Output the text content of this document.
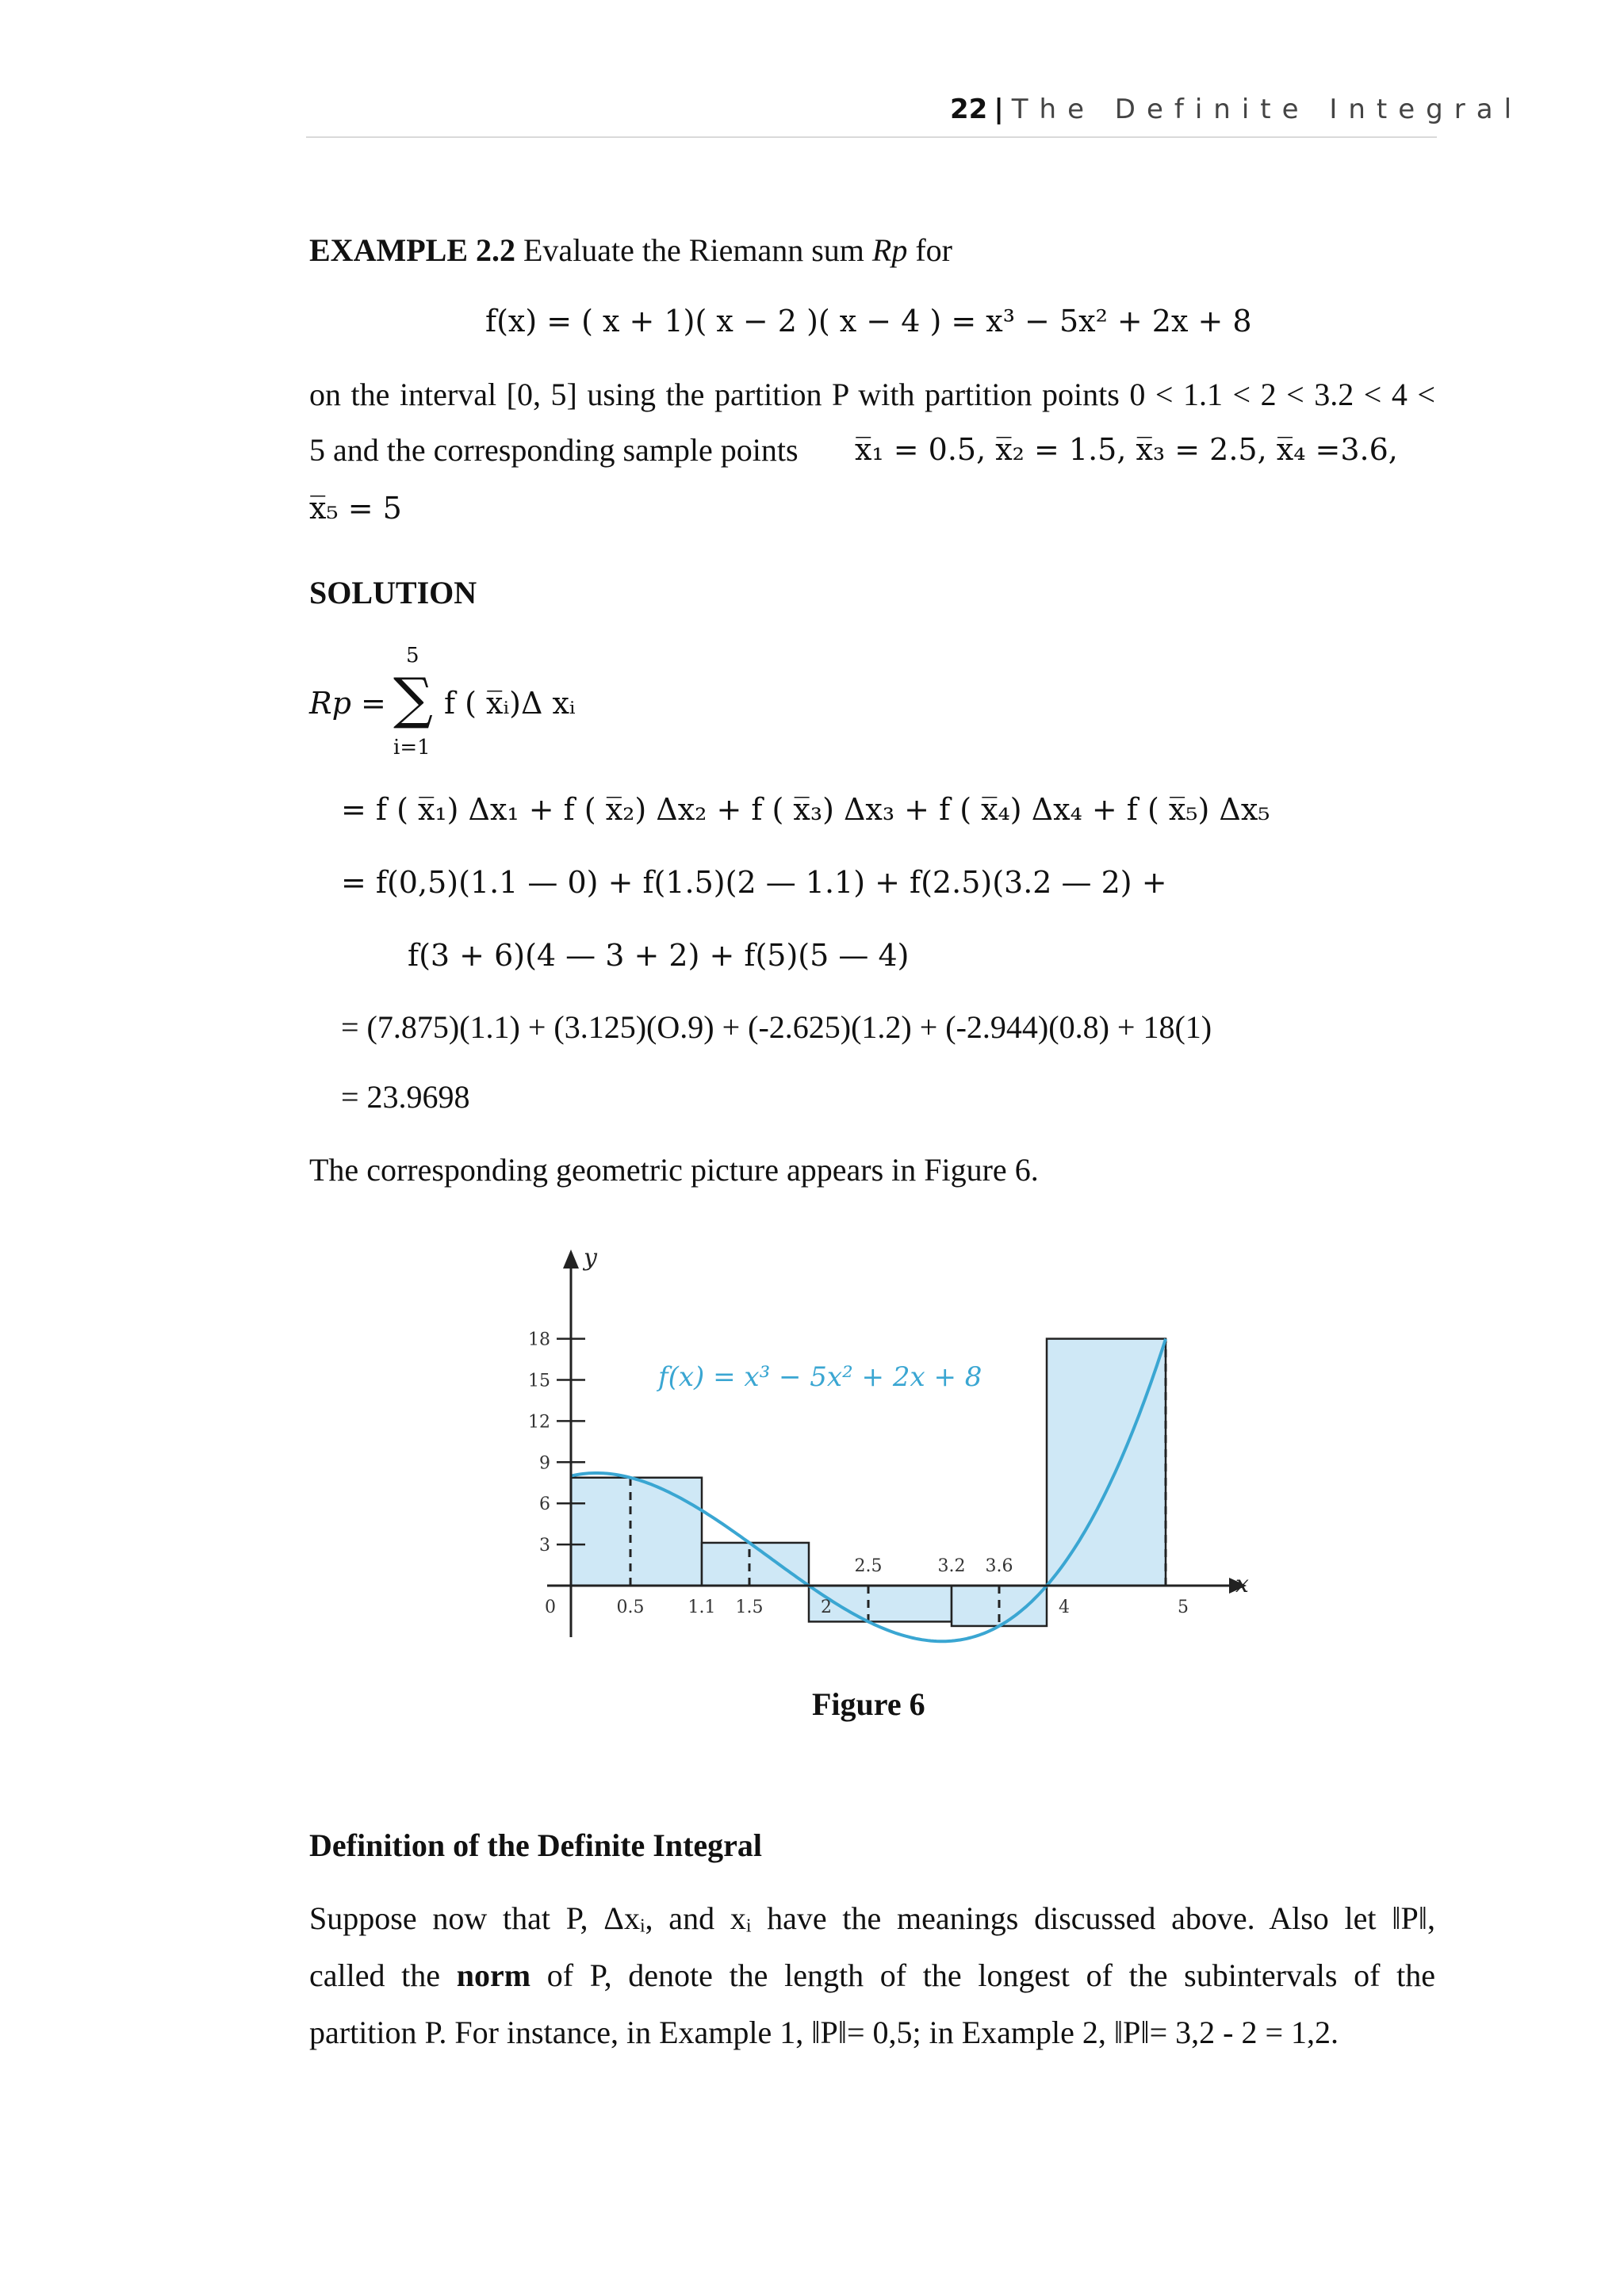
22 | The Definite Integral
EXAMPLE 2.2 Evaluate the Riemann sum Rp for
f(x) = ( x + 1)( x − 2 )( x − 4 ) = x³ − 5x² + 2x + 8
on the interval [0, 5] using the partition P with partition points 0 < 1.1 < 2 < 3.2 < 4 <
5 and the corresponding sample points x̅₁ = 0.5, x̅₂ = 1.5, x̅₃ = 2.5, x̅₄ =3.6,
x̅₅ = 5
SOLUTION
Rp =
5
∑
i=1
f ( x̅ᵢ)Δ xᵢ
= f ( x̅₁) Δx₁ + f ( x̅₂) Δx₂ + f ( x̅₃) Δx₃ + f ( x̅₄) Δx₄ + f ( x̅₅) Δx₅
= f(0,5)(1.1 — 0) + f(1.5)(2 — 1.1) + f(2.5)(3.2 — 2) +
f(3 + 6)(4 — 3 + 2) + f(5)(5 — 4)
= (7.875)(1.1) + (3.125)(O.9) + (-2.625)(1.2) + (-2.944)(0.8) + 18(1)
= 23.9698
The corresponding geometric picture appears in Figure 6.
18
15
12
9
6
3
0	0.5	1.1 1.5	2	4	5
2.5	3.2 3.6
f(x) = x³ − 5x² + 2x + 8
y
x
Figure 6
Definition of the Definite Integral
Suppose now that P, Δxᵢ, and xᵢ have the meanings discussed above. Also let ‖P‖,
called the norm of P, denote the length of the longest of the subintervals of the
partition P. For instance, in Example 1, ‖P‖= 0,5; in Example 2, ‖P‖= 3,2 - 2 = 1,2.
